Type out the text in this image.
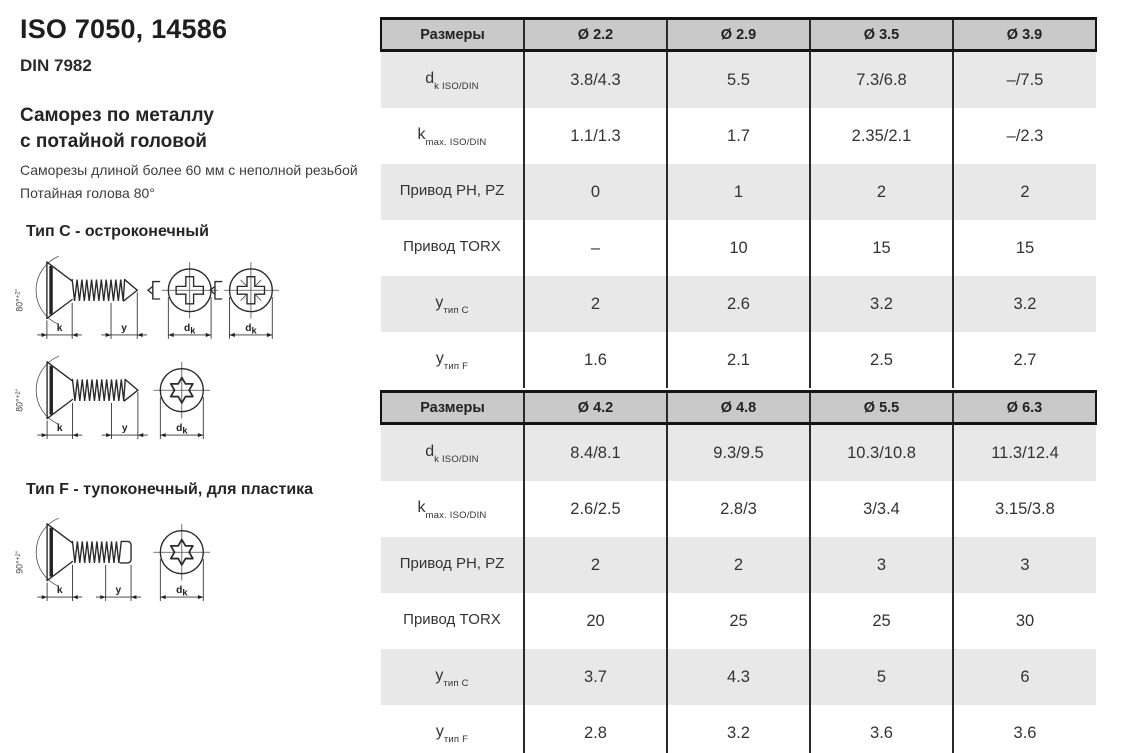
ISO 7050, 14586
DIN 7982
Саморез по металлу
с потайной головой
Саморезы длиной более 60 мм с неполной резьбой
Потайная голова 80°
Тип C - остроконечный
80°$^{+2^\circ}$
k	y	dk	dk
80°$^{+2^\circ}$
k	y	dk
Тип F - тупоконечный, для пластика
90°$^{+2^\circ}$
k	y	dk
Размеры	Ø 2.2	Ø 2.9	Ø 3.5	Ø 3.9
$d_{k ISO/DIN}$	3.8/4.3	5.5	7.3/6.8	–/7.5
$k_{max. ISO/DIN}$	1.1/1.3	1.7	2.35/2.1	–/2.3
Привод PH, PZ	0	1	2	2
Привод TORX	–	10	15	15
$y_{тип C}$	2	2.6	3.2	3.2
$y_{тип F}$	1.6	2.1	2.5	2.7
Размеры	Ø 4.2	Ø 4.8	Ø 5.5	Ø 6.3
$d_{k ISO/DIN}$	8.4/8.1	9.3/9.5	10.3/10.8	11.3/12.4
$k_{max. ISO/DIN}$	2.6/2.5	2.8/3	3/3.4	3.15/3.8
Привод PH, PZ	2	2	3	3
Привод TORX	20	25	25	30
$y_{тип C}$	3.7	4.3	5	6
$y_{тип F}$	2.8	3.2	3.6	3.6
